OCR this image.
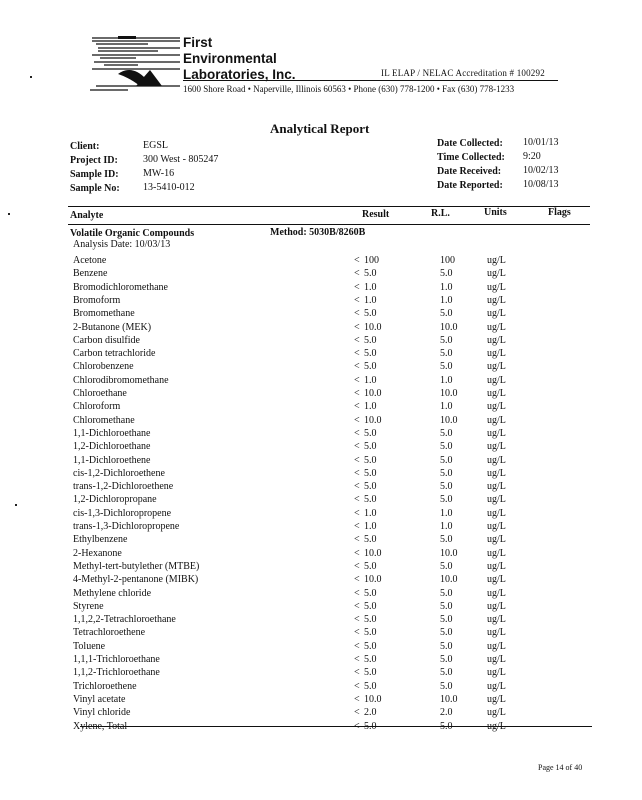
First
Environmental
Laboratories, Inc.	IL ELAP / NELAC Accreditation # 100292
1600 Shore Road • Naperville, Illinois 60563 • Phone (630) 778-1200 • Fax (630) 778-1233
Analytical Report
Client:	EGSL
Project ID:	300 West - 805247
Sample ID: MW-16
Sample No: 13-5410-012
Date Collected: 10/01/13
Time Collected: 9:20
Date Received: 10/02/13
Date Reported: 10/08/13
Analyte	Result	R.L.	Units	Flags
Volatile Organic Compounds	Method: 5030B/8260B
Analysis Date: 10/03/13
Acetone	< 100	100	ug/L
Benzene	< 5.0	5.0	ug/L
Bromodichloromethane	< 1.0	1.0	ug/L
Bromoform	< 1.0	1.0	ug/L
Bromomethane	< 5.0	5.0	ug/L
2-Butanone (MEK)	< 10.0	10.0	ug/L
Carbon disulfide	< 5.0	5.0	ug/L
Carbon tetrachloride	< 5.0	5.0	ug/L
Chlorobenzene	< 5.0	5.0	ug/L
Chlorodibromomethane	< 1.0	1.0	ug/L
Chloroethane	< 10.0	10.0	ug/L
Chloroform	< 1.0	1.0	ug/L
Chloromethane	< 10.0	10.0	ug/L
1,1-Dichloroethane	< 5.0	5.0	ug/L
1,2-Dichloroethane	< 5.0	5.0	ug/L
1,1-Dichloroethene	< 5.0	5.0	ug/L
cis-1,2-Dichloroethene	< 5.0	5.0	ug/L
trans-1,2-Dichloroethene	< 5.0	5.0	ug/L
1,2-Dichloropropane	< 5.0	5.0	ug/L
cis-1,3-Dichloropropene	< 1.0	1.0	ug/L
trans-1,3-Dichloropropene	< 1.0	1.0	ug/L
Ethylbenzene	< 5.0	5.0	ug/L
2-Hexanone	< 10.0	10.0	ug/L
Methyl-tert-butylether (MTBE)	< 5.0	5.0	ug/L
4-Methyl-2-pentanone (MIBK)	< 10.0	10.0	ug/L
Methylene chloride	< 5.0	5.0	ug/L
Styrene	< 5.0	5.0	ug/L
1,1,2,2-Tetrachloroethane	< 5.0	5.0	ug/L
Tetrachloroethene	< 5.0	5.0	ug/L
Toluene	< 5.0	5.0	ug/L
1,1,1-Trichloroethane	< 5.0	5.0	ug/L
1,1,2-Trichloroethane	< 5.0	5.0	ug/L
Trichloroethene	< 5.0	5.0	ug/L
Vinyl acetate	< 10.0	10.0	ug/L
Vinyl chloride	< 2.0	2.0	ug/L
Xylene, Total	< 5.0	5.0	ug/L
Page 14 of 40
